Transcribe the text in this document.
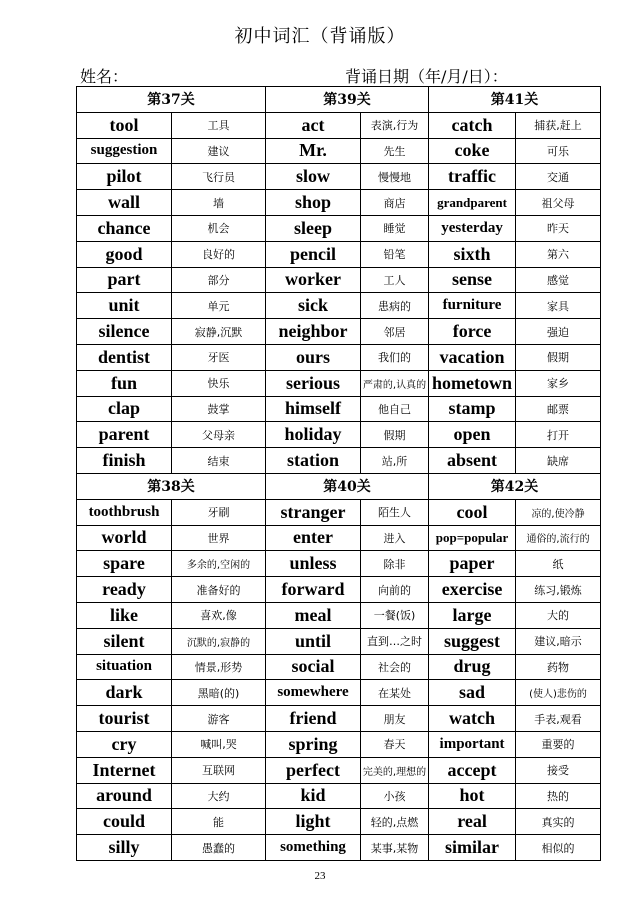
初中词汇（背诵版）
姓名：	背诵日期（年/月/日）：
第37关		第39关		第41关	
tool	工具	act	表演,行为	catch	捕获,赶上
suggestion	建议	Mr.	先生	coke	可乐
pilot	飞行员	slow	慢慢地	traffic	交通
wall	墙	shop	商店	grandparent	祖父母
chance	机会	sleep	睡觉	yesterday	昨天
good	良好的	pencil	铅笔	sixth	第六
part	部分	worker	工人	sense	感觉
unit	单元	sick	患病的	furniture	家具
silence	寂静,沉默	neighbor	邻居	force	强迫
dentist	牙医	ours	我们的	vacation	假期
fun	快乐	serious	严肃的,认真的	hometown	家乡
clap	鼓掌	himself	他自己	stamp	邮票
parent	父母亲	holiday	假期	open	打开
finish	结束	station	站,所	absent	缺席
第38关		第40关		第42关	
toothbrush	牙刷	stranger	陌生人	cool	凉的,使冷静
world	世界	enter	进入	pop=popular	通俗的,流行的
spare	多余的,空闲的	unless	除非	paper	纸
ready	准备好的	forward	向前的	exercise	练习,锻炼
like	喜欢,像	meal	一餐(饭)	large	大的
silent	沉默的,寂静的	until	直到…之时	suggest	建议,暗示
situation	情景,形势	social	社会的	drug	药物
dark	黑暗(的)	somewhere	在某处	sad	(使人)悲伤的
tourist	游客	friend	朋友	watch	手表,观看
cry	喊叫,哭	spring	春天	important	重要的
Internet	互联网	perfect	完美的,理想的	accept	接受
around	大约	kid	小孩	hot	热的
could	能	light	轻的,点燃	real	真实的
silly	愚蠢的	something	某事,某物	similar	相似的
23
